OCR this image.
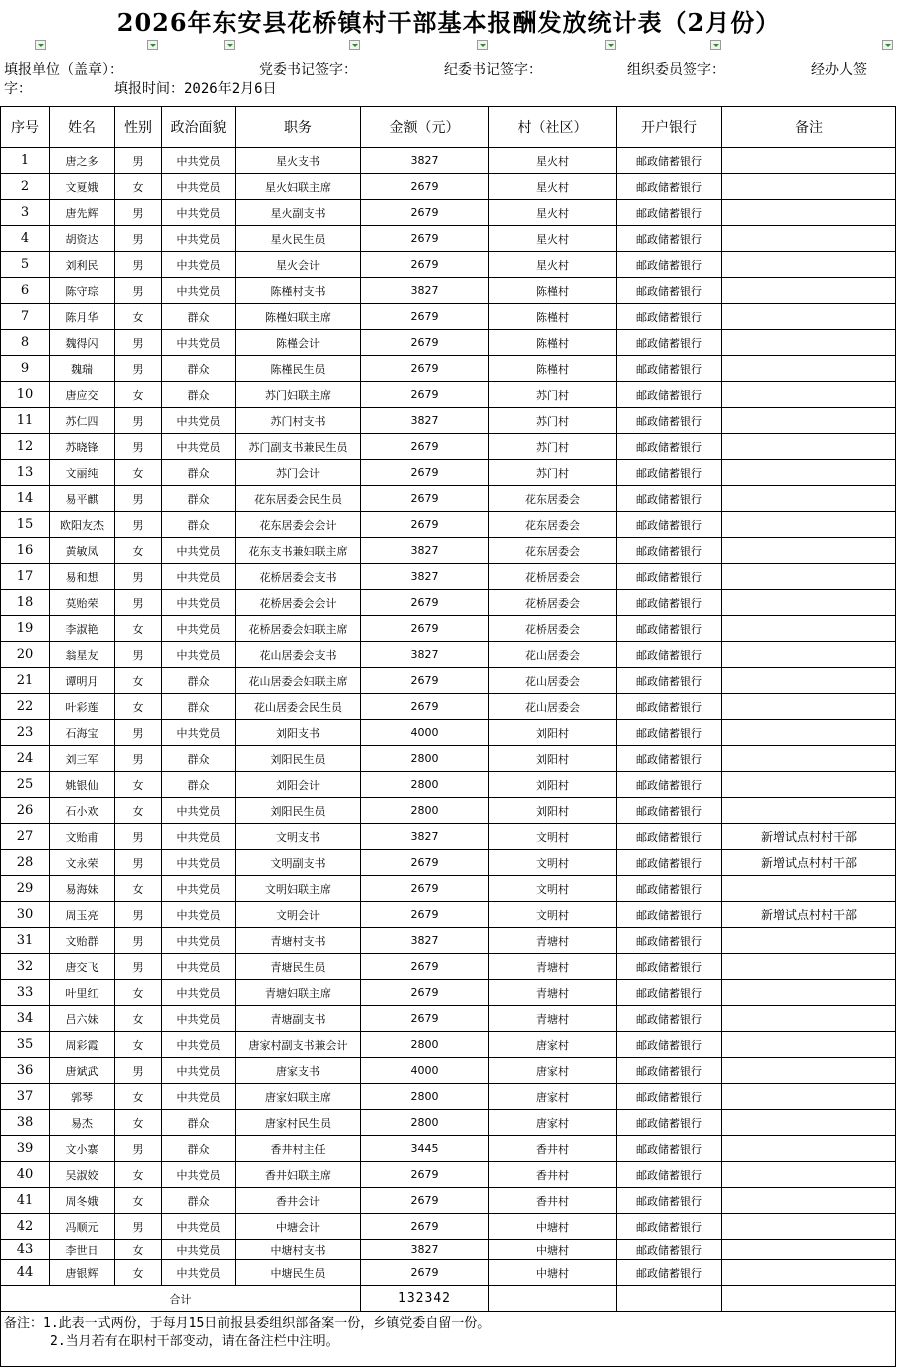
2026年东安县花桥镇村干部基本报酬发放统计表（2月份）
填报单位（盖章）：	党委书记签字：	纪委书记签字：	组织委员签字：	经办人签
字：	填报时间：2026年2月6日
序号	姓名	性别	政治面貌	职务	金额（元）	村（社区）	开户银行	备注
1	唐之多	男	中共党员	星火支书	3827	星火村	邮政储蓄银行
2	文夏娥	女	中共党员	星火妇联主席	2679	星火村	邮政储蓄银行
3	唐先辉	男	中共党员	星火副支书	2679	星火村	邮政储蓄银行
4	胡资达	男	中共党员	星火民生员	2679	星火村	邮政储蓄银行
5	刘利民	男	中共党员	星火会计	2679	星火村	邮政储蓄银行
6	陈守琮	男	中共党员	陈槿村支书	3827	陈槿村	邮政储蓄银行
7	陈月华	女	群众	陈槿妇联主席	2679	陈槿村	邮政储蓄银行
8	魏得闪	男	中共党员	陈槿会计	2679	陈槿村	邮政储蓄银行
9	魏瑞	男	群众	陈槿民生员	2679	陈槿村	邮政储蓄银行
10	唐应交	女	群众	苏门妇联主席	2679	苏门村	邮政储蓄银行
11	苏仁四	男	中共党员	苏门村支书	3827	苏门村	邮政储蓄银行
12	苏晓锋	男	中共党员	苏门副支书兼民生员	2679	苏门村	邮政储蓄银行
13	文丽纯	女	群众	苏门会计	2679	苏门村	邮政储蓄银行
14	易平麒	男	群众	花东居委会民生员	2679	花东居委会	邮政储蓄银行
15	欧阳友杰	男	群众	花东居委会会计	2679	花东居委会	邮政储蓄银行
16	黄敏凤	女	中共党员	花东支书兼妇联主席	3827	花东居委会	邮政储蓄银行
17	易和想	男	中共党员	花桥居委会支书	3827	花桥居委会	邮政储蓄银行
18	莫贻荣	男	中共党员	花桥居委会会计	2679	花桥居委会	邮政储蓄银行
19	李淑艳	女	中共党员	花桥居委会妇联主席	2679	花桥居委会	邮政储蓄银行
20	翁星友	男	中共党员	花山居委会支书	3827	花山居委会	邮政储蓄银行
21	谭明月	女	群众	花山居委会妇联主席	2679	花山居委会	邮政储蓄银行
22	叶彩莲	女	群众	花山居委会民生员	2679	花山居委会	邮政储蓄银行
23	石海宝	男	中共党员	刘阳支书	4000	刘阳村	邮政储蓄银行
24	刘三军	男	群众	刘阳民生员	2800	刘阳村	邮政储蓄银行
25	姚银仙	女	群众	刘阳会计	2800	刘阳村	邮政储蓄银行
26	石小欢	女	中共党员	刘阳民生员	2800	刘阳村	邮政储蓄银行
27	文贻甫	男	中共党员	文明支书	3827	文明村	邮政储蓄银行	新增试点村村干部
28	文永荣	男	中共党员	文明副支书	2679	文明村	邮政储蓄银行	新增试点村村干部
29	易海妹	女	中共党员	文明妇联主席	2679	文明村	邮政储蓄银行
30	周玉亮	男	中共党员	文明会计	2679	文明村	邮政储蓄银行	新增试点村村干部
31	文贻群	男	中共党员	青塘村支书	3827	青塘村	邮政储蓄银行
32	唐交飞	男	中共党员	青塘民生员	2679	青塘村	邮政储蓄银行
33	叶里红	女	中共党员	青塘妇联主席	2679	青塘村	邮政储蓄银行
34	吕六妹	女	中共党员	青塘副支书	2679	青塘村	邮政储蓄银行
35	周彩霞	女	中共党员	唐家村副支书兼会计	2800	唐家村	邮政储蓄银行
36	唐斌武	男	中共党员	唐家支书	4000	唐家村	邮政储蓄银行
37	郭琴	女	中共党员	唐家妇联主席	2800	唐家村	邮政储蓄银行
38	易杰	女	群众	唐家村民生员	2800	唐家村	邮政储蓄银行
39	文小寨	男	群众	香井村主任	3445	香井村	邮政储蓄银行
40	吴淑姣	女	中共党员	香井妇联主席	2679	香井村	邮政储蓄银行
41	周冬娥	女	群众	香井会计	2679	香井村	邮政储蓄银行
42	冯顺元	男	中共党员	中塘会计	2679	中塘村	邮政储蓄银行
43	李世日	女	中共党员	中塘村支书	3827	中塘村	邮政储蓄银行
44	唐银辉	女	中共党员	中塘民生员	2679	中塘村	邮政储蓄银行
合计	132342
备注：1.此表一式两份，于每月15日前报县委组织部备案一份，乡镇党委自留一份。
2.当月若有在职村干部变动，请在备注栏中注明。
